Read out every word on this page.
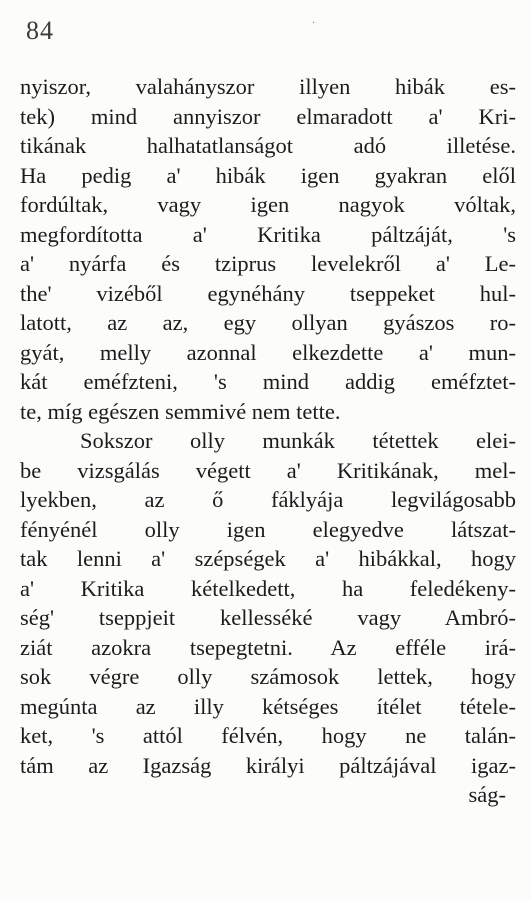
84	·
nyiszor, valahányszor illyen hibák es-
tek) mind annyiszor elmaradott a' Kri-
tikának halhatatlanságot adó illetése.
Ha pedig a' hibák igen gyakran elől
fordúltak, vagy igen nagyok vóltak,
megfordította a' Kritika páltzáját, 's
a' nyárfa és tziprus levelekről a' Le-
the' vizéből egynéhány tseppeket hul-
latott, az az, egy ollyan gyászos ro-
gyát, melly azonnal elkezdette a' mun-
kát eméfzteni, 's mind addig eméfztet-
te, míg egészen semmivé nem tette.
Sokszor olly munkák tétettek elei-
be vizsgálás végett a' Kritikának, mel-
lyekben, az ő fáklyája legvilágosabb
fényénél olly igen elegyedve látszat-
tak lenni a' szépségek a' hibákkal, hogy
a' Kritika kételkedett, ha feledékeny-
ség' tseppjeit kellesséké vagy Ambró-
ziát azokra tsepegtetni. Az efféle irá-
sok végre olly számosok lettek, hogy
megúnta az illy kétséges ítélet tétele-
ket, 's attól félvén, hogy ne talán-
tám az Igazság királyi páltzájával igaz-
ság-
